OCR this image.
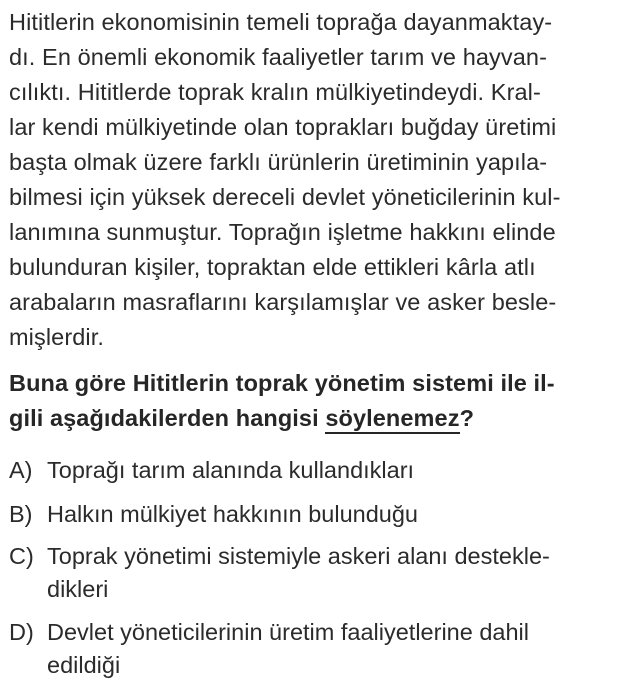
Hititlerin ekonomisinin temeli toprağa dayanmaktay-
dı. En önemli ekonomik faaliyetler tarım ve hayvan-
cılıktı. Hititlerde toprak kralın mülkiyetindeydi. Kral-
lar kendi mülkiyetinde olan toprakları buğday üretimi
başta olmak üzere farklı ürünlerin üretiminin yapıla-
bilmesi için yüksek dereceli devlet yöneticilerinin kul-
lanımına sunmuştur. Toprağın işletme hakkını elinde
bulunduran kişiler, topraktan elde ettikleri kârla atlı
arabaların masraflarını karşılamışlar ve asker besle-
mişlerdir.
Buna göre Hititlerin toprak yönetim sistemi ile il-
gili aşağıdakilerden hangisi söylenemez?
A) Toprağı tarım alanında kullandıkları
B) Halkın mülkiyet hakkının bulunduğu
C) Toprak yönetimi sistemiyle askeri alanı destekle-
dikleri
D) Devlet yöneticilerinin üretim faaliyetlerine dahil
edildiği
